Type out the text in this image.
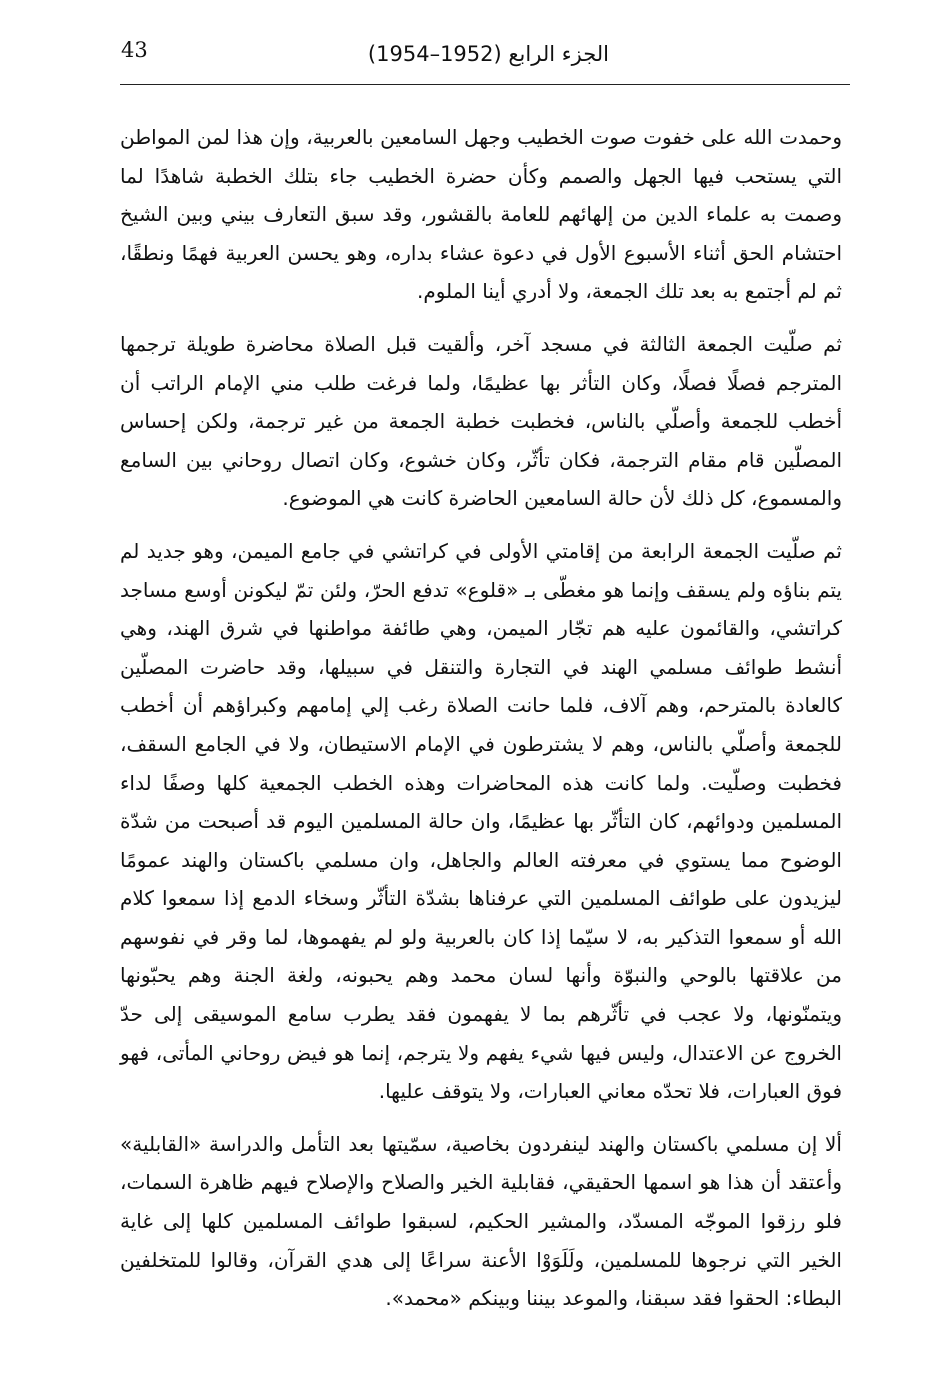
43	الجزء الرابع (1952–1954)

وحمدت الله على خفوت صوت الخطيب وجهل السامعين بالعربية، وإن هذا لمن المواطن التي يستحب فيها الجهل والصمم وكأن حضرة الخطيب جاء بتلك الخطبة شاهدًا لما وصمت به علماء الدين من إلهائهم للعامة بالقشور، وقد سبق التعارف بيني وبين الشيخ احتشام الحق أثناء الأسبوع الأول في دعوة عشاء بداره، وهو يحسن العربية فهمًا ونطقًا، ثم لم أجتمع به بعد تلك الجمعة، ولا أدري أينا الملوم.

ثم صلّيت الجمعة الثالثة في مسجد آخر، وألقيت قبل الصلاة محاضرة طويلة ترجمها المترجم فصلًا فصلًا، وكان التأثر بها عظيمًا، ولما فرغت طلب مني الإمام الراتب أن أخطب للجمعة وأصلّي بالناس، فخطبت خطبة الجمعة من غير ترجمة، ولكن إحساس المصلّين قام مقام الترجمة، فكان تأثّر، وكان خشوع، وكان اتصال روحاني بين السامع والمسموع، كل ذلك لأن حالة السامعين الحاضرة كانت هي الموضوع.

ثم صلّيت الجمعة الرابعة من إقامتي الأولى في كراتشي في جامع الميمن، وهو جديد لم يتم بناؤه ولم يسقف وإنما هو مغطّى بـ «قلوع» تدفع الحرّ، ولئن تمّ ليكونن أوسع مساجد كراتشي، والقائمون عليه هم تجّار الميمن، وهي طائفة مواطنها في شرق الهند، وهي أنشط طوائف مسلمي الهند في التجارة والتنقل في سبيلها، وقد حاضرت المصلّين كالعادة بالمترحم، وهم آلاف، فلما حانت الصلاة رغب إلي إمامهم وكبراؤهم أن أخطب للجمعة وأصلّي بالناس، وهم لا يشترطون في الإمام الاستيطان، ولا في الجامع السقف، فخطبت وصلّيت. ولما كانت هذه المحاضرات وهذه الخطب الجمعية كلها وصفًا لداء المسلمين ودوائهم، كان التأثّر بها عظيمًا، وان حالة المسلمين اليوم قد أصبحت من شدّة الوضوح مما يستوي في معرفته العالم والجاهل، وان مسلمي باكستان والهند عمومًا ليزيدون على طوائف المسلمين التي عرفناها بشدّة التأثّر وسخاء الدمع إذا سمعوا كلام الله أو سمعوا التذكير به، لا سيّما إذا كان بالعربية ولو لم يفهموها، لما وقر في نفوسهم من علاقتها بالوحي والنبوّة وأنها لسان محمد وهم يحبونه، ولغة الجنة وهم يحبّونها ويتمنّونها، ولا عجب في تأثّرهم بما لا يفهمون فقد يطرب سامع الموسيقى إلى حدّ الخروج عن الاعتدال، وليس فيها شيء يفهم ولا يترجم، إنما هو فيض روحاني المأتى، فهو فوق العبارات، فلا تحدّه معاني العبارات، ولا يتوقف عليها.

ألا إن مسلمي باكستان والهند لينفردون بخاصية، سمّيتها بعد التأمل والدراسة «القابلية» وأعتقد أن هذا هو اسمها الحقيقي، فقابلية الخير والصلاح والإصلاح فيهم ظاهرة السمات، فلو رزقوا الموجّه المسدّد، والمشير الحكيم، لسبقوا طوائف المسلمين كلها إلى غاية الخير التي نرجوها للمسلمين، ولَلَوَوْا الأعنة سراعًا إلى هدي القرآن، وقالوا للمتخلفين البطاء: الحقوا فقد سبقنا، والموعد بيننا وبينكم «محمد».
